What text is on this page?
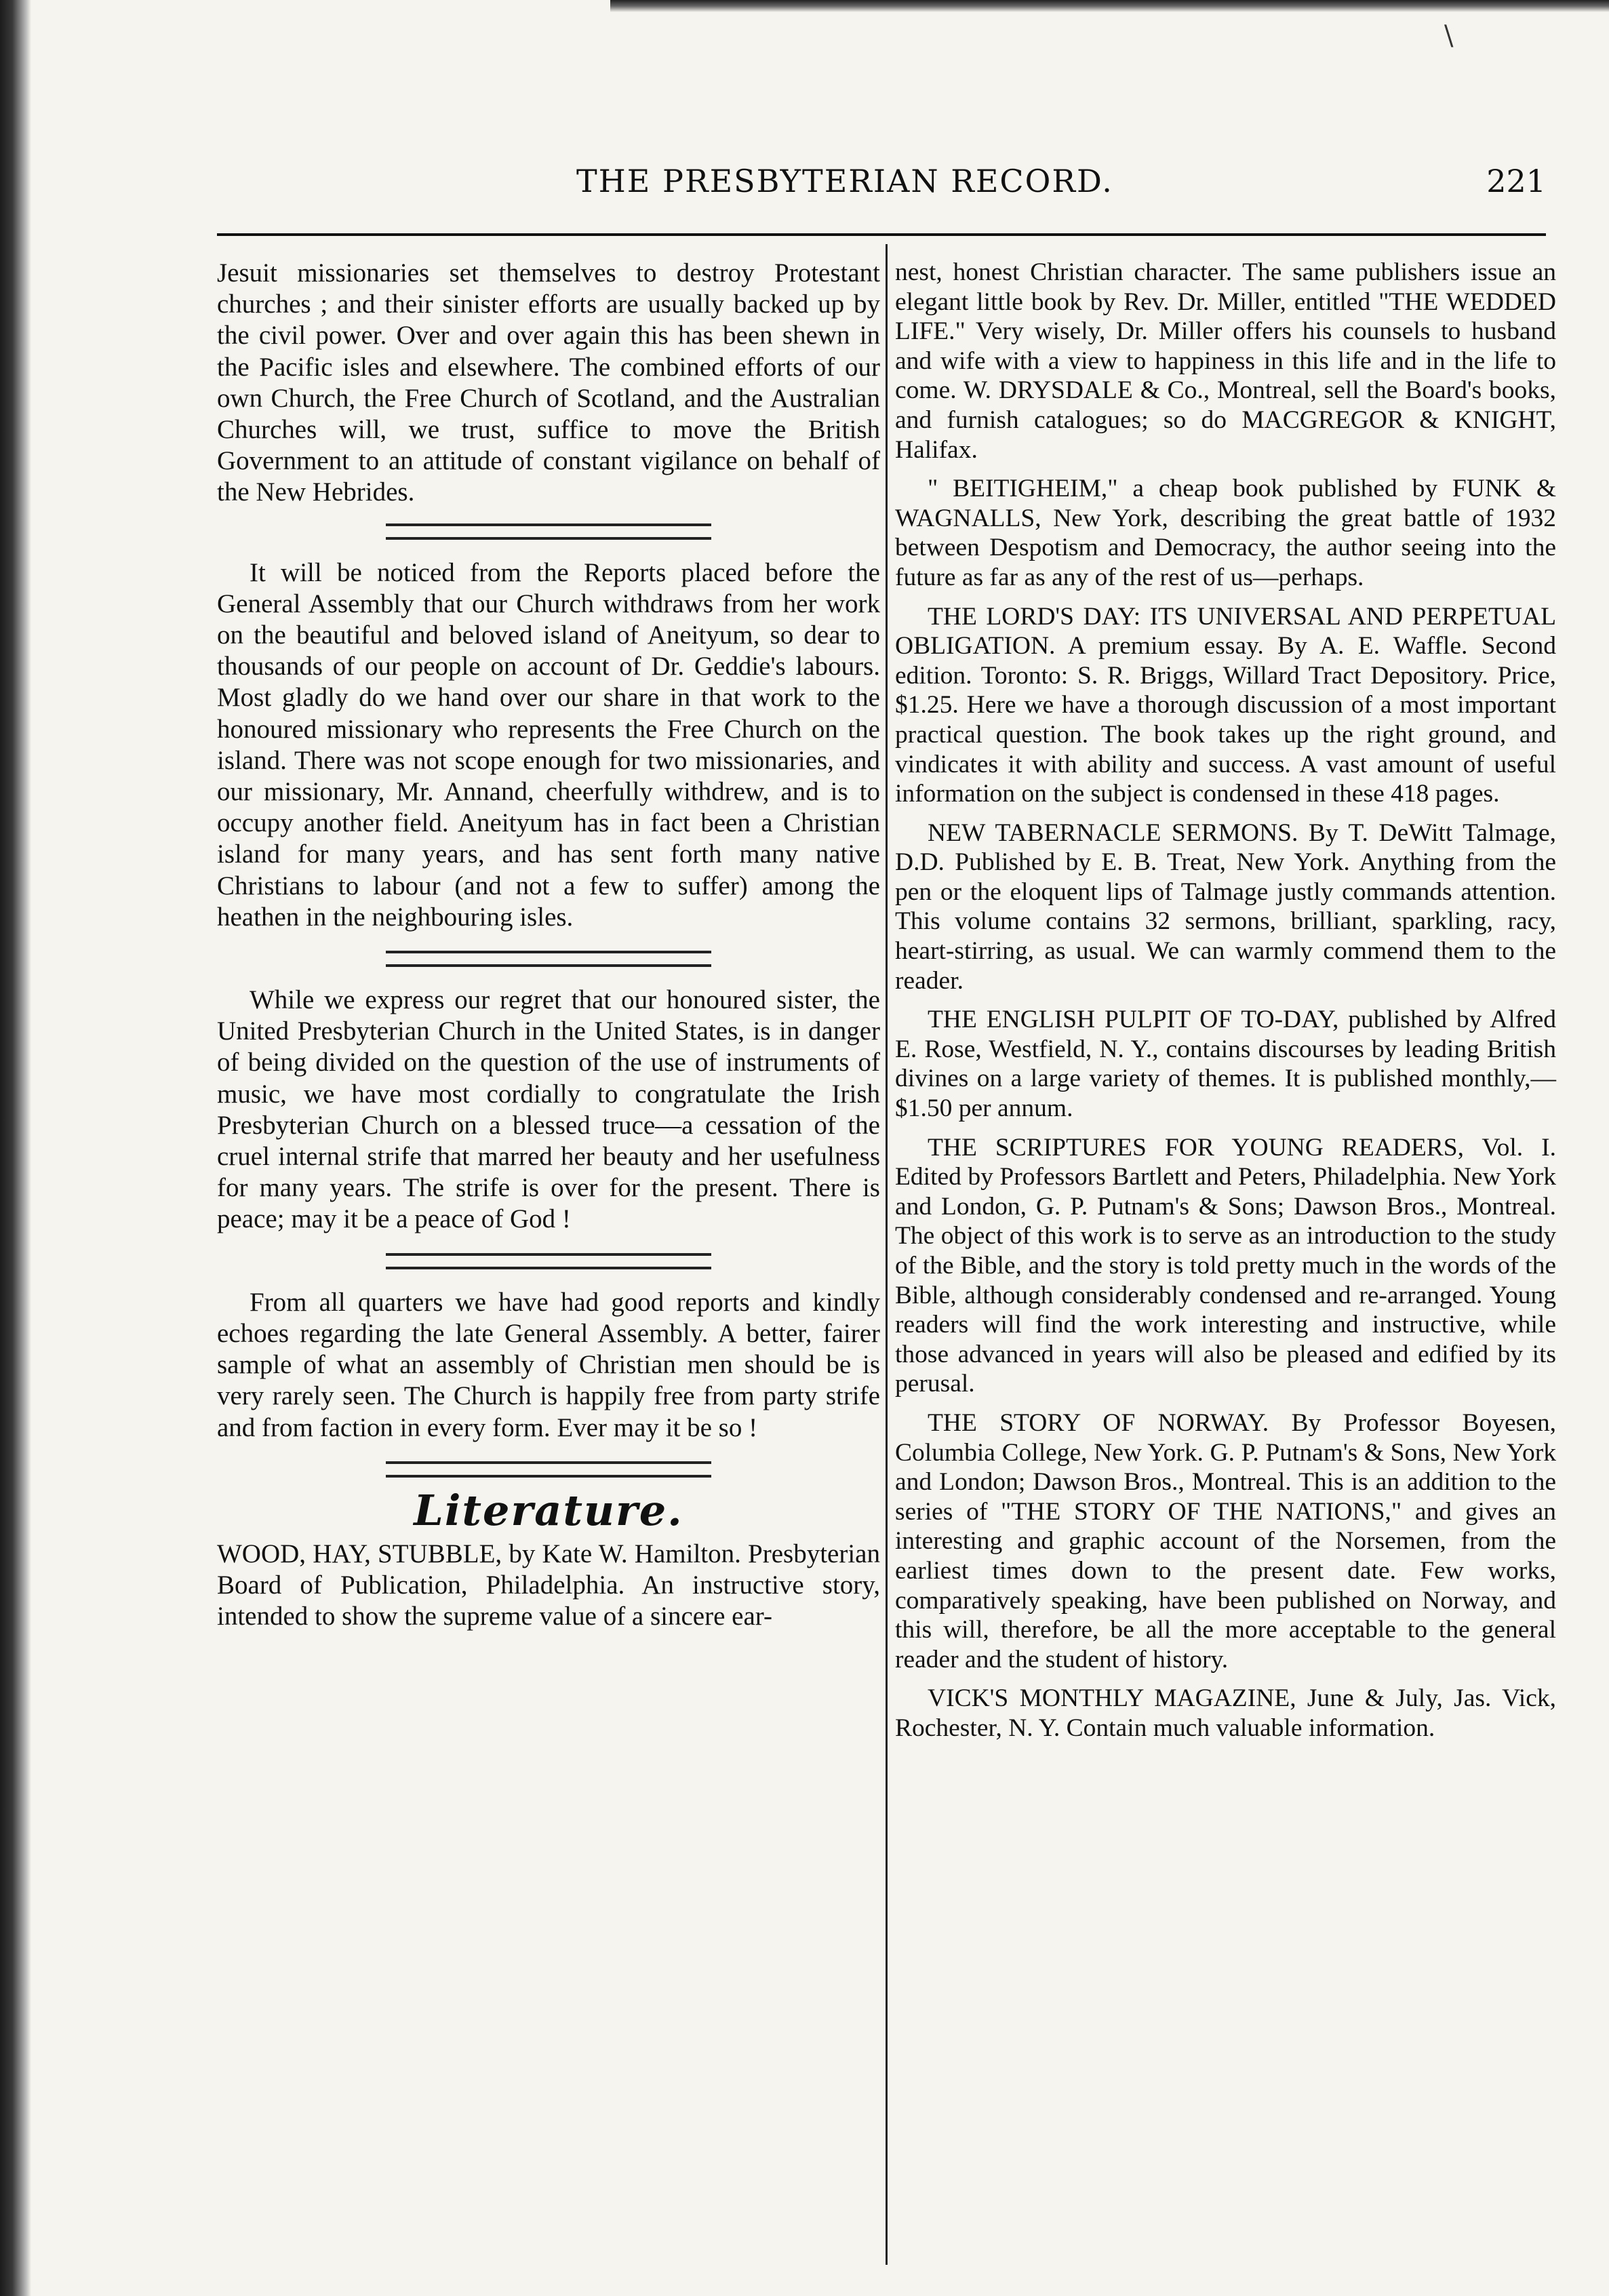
\
THE PRESBYTERIAN RECORD.	221

Jesuit missionaries set themselves to destroy Protestant churches ; and their sinister efforts are usually backed up by the civil power. Over and over again this has been shewn in the Pacific isles and elsewhere. The combined efforts of our own Church, the Free Church of Scotland, and the Australian Churches will, we trust, suffice to move the British Government to an attitude of constant vigilance on behalf of the New Hebrides.

It will be noticed from the Reports placed before the General Assembly that our Church withdraws from her work on the beautiful and beloved island of Aneityum, so dear to thousands of our people on account of Dr. Geddie's labours. Most gladly do we hand over our share in that work to the honoured missionary who represents the Free Church on the island. There was not scope enough for two missionaries, and our missionary, Mr. Annand, cheerfully withdrew, and is to occupy another field. Aneityum has in fact been a Christian island for many years, and has sent forth many native Christians to labour (and not a few to suffer) among the heathen in the neighbouring isles.

While we express our regret that our honoured sister, the United Presbyterian Church in the United States, is in danger of being divided on the question of the use of instruments of music, we have most cordially to congratulate the Irish Presbyterian Church on a blessed truce—a cessation of the cruel internal strife that marred her beauty and her usefulness for many years. The strife is over for the present. There is peace; may it be a peace of God !

From all quarters we have had good reports and kindly echoes regarding the late General Assembly. A better, fairer sample of what an assembly of Christian men should be is very rarely seen. The Church is happily free from party strife and from faction in every form. Ever may it be so !

Literature.

WOOD, HAY, STUBBLE, by Kate W. Hamilton. Presbyterian Board of Publication, Philadelphia. An instructive story, intended to show the supreme value of a sincere ear-

nest, honest Christian character. The same publishers issue an elegant little book by Rev. Dr. Miller, entitled "THE WEDDED LIFE." Very wisely, Dr. Miller offers his counsels to husband and wife with a view to happiness in this life and in the life to come. W. DRYSDALE & Co., Montreal, sell the Board's books, and furnish catalogues; so do MACGREGOR & KNIGHT, Halifax.

" BEITIGHEIM," a cheap book published by FUNK & WAGNALLS, New York, describing the great battle of 1932 between Despotism and Democracy, the author seeing into the future as far as any of the rest of us—perhaps.

THE LORD'S DAY: ITS UNIVERSAL AND PERPETUAL OBLIGATION. A premium essay. By A. E. Waffle. Second edition. Toronto: S. R. Briggs, Willard Tract Depository. Price, $1.25. Here we have a thorough discussion of a most important practical question. The book takes up the right ground, and vindicates it with ability and success. A vast amount of useful information on the subject is condensed in these 418 pages.

NEW TABERNACLE SERMONS. By T. DeWitt Talmage, D.D. Published by E. B. Treat, New York. Anything from the pen or the eloquent lips of Talmage justly commands attention. This volume contains 32 sermons, brilliant, sparkling, racy, heart-stirring, as usual. We can warmly commend them to the reader.

THE ENGLISH PULPIT OF TO-DAY, published by Alfred E. Rose, Westfield, N. Y., contains discourses by leading British divines on a large variety of themes. It is published monthly,—$1.50 per annum.

THE SCRIPTURES FOR YOUNG READERS, Vol. I. Edited by Professors Bartlett and Peters, Philadelphia. New York and London, G. P. Putnam's & Sons; Dawson Bros., Montreal. The object of this work is to serve as an introduction to the study of the Bible, and the story is told pretty much in the words of the Bible, although considerably condensed and re-arranged. Young readers will find the work interesting and instructive, while those advanced in years will also be pleased and edified by its perusal.

THE STORY OF NORWAY. By Professor Boyesen, Columbia College, New York. G. P. Putnam's & Sons, New York and London; Dawson Bros., Montreal. This is an addition to the series of "THE STORY OF THE NATIONS," and gives an interesting and graphic account of the Norsemen, from the earliest times down to the present date. Few works, comparatively speaking, have been published on Norway, and this will, therefore, be all the more acceptable to the general reader and the student of history.

VICK'S MONTHLY MAGAZINE, June & July, Jas. Vick, Rochester, N. Y. Contain much valuable information.
